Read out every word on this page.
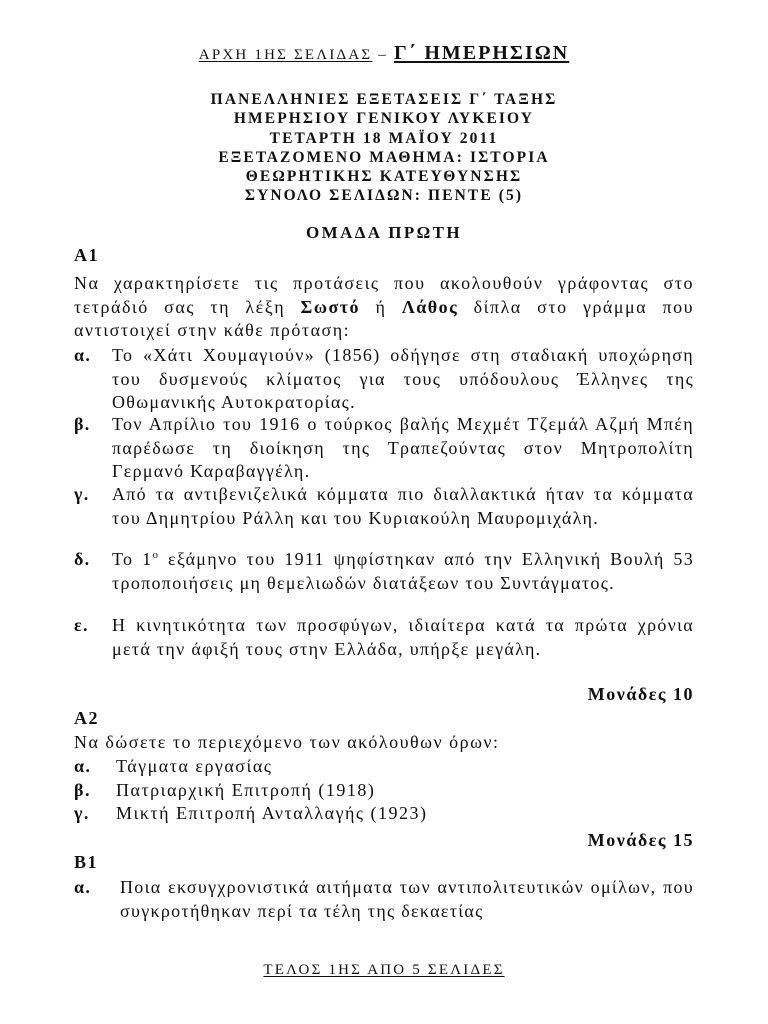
ΑΡΧΗ 1ΗΣ ΣΕΛΙΔΑΣ – Γ΄ ΗΜΕΡΗΣΙΩΝ
ΠΑΝΕΛΛΗΝΙΕΣ ΕΞΕΤΑΣΕΙΣ Γ΄ ΤΑΞΗΣ
ΗΜΕΡΗΣΙΟΥ ΓΕΝΙΚΟΥ ΛΥΚΕΙΟΥ
ΤΕΤΑΡΤΗ 18 ΜΑΪΟΥ 2011
ΕΞΕΤΑΖΟΜΕΝΟ ΜΑΘΗΜΑ: ΙΣΤΟΡΙΑ
ΘΕΩΡΗΤΙΚΗΣ ΚΑΤΕΥΘΥΝΣΗΣ
ΣΥΝΟΛΟ ΣΕΛΙΔΩΝ: ΠΕΝΤΕ (5)
ΟΜΑΔΑ ΠΡΩΤΗ
Α1
Να χαρακτηρίσετε τις προτάσεις που ακολουθούν γράφοντας στο τετράδιό σας τη λέξη Σωστό ή Λάθος δίπλα στο γράμμα που αντιστοιχεί στην κάθε πρόταση:
α.	Το «Χάτι Χουμαγιούν» (1856) οδήγησε στη σταδιακή υποχώρηση του δυσμενούς κλίματος για τους υπόδουλους Έλληνες της Οθωμανικής Αυτοκρατορίας.
β.	Τον Απρίλιο του 1916 ο τούρκος βαλής Μεχμέτ Τζεμάλ Αζμή Μπέη παρέδωσε τη διοίκηση της Τραπεζούντας στον Μητροπολίτη Γερμανό Καραβαγγέλη.
γ.	Από τα αντιβενιζελικά κόμματα πιο διαλλακτικά ήταν τα κόμματα του Δημητρίου Ράλλη και του Κυριακούλη Μαυρομιχάλη.
δ.	Το $1^o$ εξάμηνο του 1911 ψηφίστηκαν από την Ελληνική Βουλή 53 τροποποιήσεις μη θεμελιωδών διατάξεων του Συντάγματος.
ε.	Η κινητικότητα των προσφύγων, ιδιαίτερα κατά τα πρώτα χρόνια μετά την άφιξή τους στην Ελλάδα, υπήρξε μεγάλη.
Μονάδες 10
Α2
Να δώσετε το περιεχόμενο των ακόλουθων όρων:
α. Τάγματα εργασίας
β. Πατριαρχική Επιτροπή (1918)
γ. Μικτή Επιτροπή Ανταλλαγής (1923)
Μονάδες 15
Β1
α.	Ποια εκσυγχρονιστικά αιτήματα των αντιπολιτευτικών ομίλων, που συγκροτήθηκαν περί τα τέλη της δεκαετίας
ΤΕΛΟΣ 1ΗΣ ΑΠΟ 5 ΣΕΛΙΔΕΣ
